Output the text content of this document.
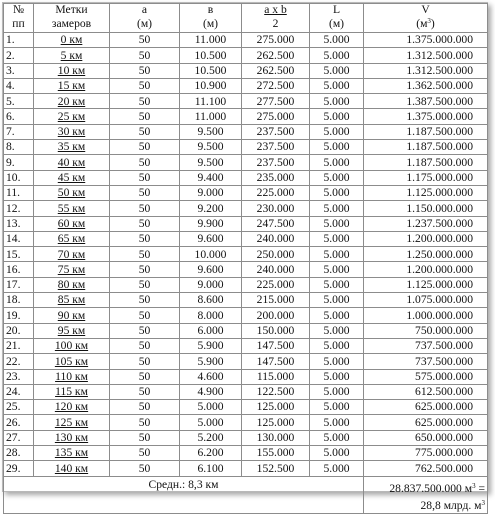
№	Метки	а	в	а х b	L	V
пп	замеров	(м)	(м)	2	(м)	$(м^3)$
1.	0 км	50	11.000	275.000	5.000	1.375.000.000
2.	5 км	50	10.500	262.500	5.000	1.312.500.000
3.	10 км	50	10.500	262.500	5.000	1.312.500.000
4.	15 км	50	10.900	272.500	5.000	1.362.500.000
5.	20 км	50	11.100	277.500	5.000	1.387.500.000
6.	25 км	50	11.000	275.000	5.000	1.375.000.000
7.	30 км	50	9.500	237.500	5.000	1.187.500.000
8.	35 км	50	9.500	237.500	5.000	1.187.500.000
9.	40 км	50	9.500	237.500	5.000	1.187.500.000
10.	45 км	50	9.400	235.000	5.000	1.175.000.000
11.	50 км	50	9.000	225.000	5.000	1.125.000.000
12.	55 км	50	9.200	230.000	5.000	1.150.000.000
13.	60 км	50	9.900	247.500	5.000	1.237.500.000
14.	65 км	50	9.600	240.000	5.000	1.200.000.000
15.	70 км	50	10.000	250.000	5.000	1.250.000.000
16.	75 км	50	9.600	240.000	5.000	1.200.000.000
17.	80 км	50	9.000	225.000	5.000	1.125.000.000
18.	85 км	50	8.600	215.000	5.000	1.075.000.000
19.	90 км	50	8.000	200.000	5.000	1.000.000.000
20.	95 км	50	6.000	150.000	5.000	750.000.000
21.	100 км	50	5.900	147.500	5.000	737.500.000
22.	105 км	50	5.900	147.500	5.000	737.500.000
23.	110 км	50	4.600	115.000	5.000	575.000.000
24.	115 км	50	4.900	122.500	5.000	612.500.000
25.	120 км	50	5.000	125.000	5.000	625.000.000
26.	125 км	50	5.000	125.000	5.000	625.000.000
27.	130 км	50	5.200	130.000	5.000	650.000.000
28.	135 км	50	6.200	155.000	5.000	775.000.000
29.	140 км	50	6.100	152.500	5.000	762.500.000
Средн.: 8,3 км						28.837.500.000 $м^3$ =
28,8 млрд. $м^3$
